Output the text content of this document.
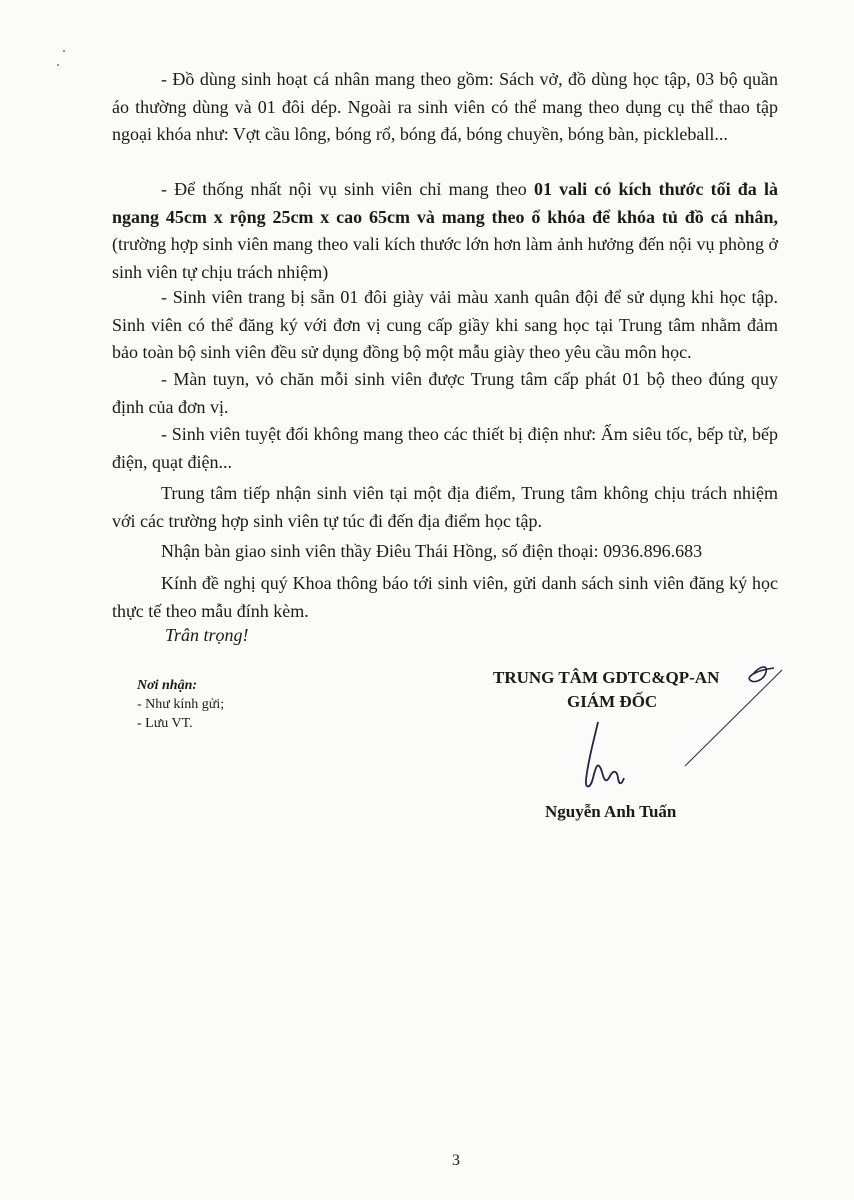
- Đồ dùng sinh hoạt cá nhân mang theo gồm: Sách vở, đồ dùng học tập, 03 bộ quần áo thường dùng và 01 đôi dép. Ngoài ra sinh viên có thể mang theo dụng cụ thể thao tập ngoại khóa như: Vợt cầu lông, bóng rổ, bóng đá, bóng chuyền, bóng bàn, pickleball...

- Để thống nhất nội vụ sinh viên chỉ mang theo 01 vali có kích thước tối đa là ngang 45cm x rộng 25cm x cao 65cm và mang theo ổ khóa để khóa tủ đồ cá nhân, (trường hợp sinh viên mang theo vali kích thước lớn hơn làm ảnh hưởng đến nội vụ phòng ở sinh viên tự chịu trách nhiệm)

- Sinh viên trang bị sẵn 01 đôi giày vải màu xanh quân đội để sử dụng khi học tập. Sinh viên có thể đăng ký với đơn vị cung cấp giầy khi sang học tại Trung tâm nhằm đảm bảo toàn bộ sinh viên đều sử dụng đồng bộ một mẫu giày theo yêu cầu môn học.

- Màn tuyn, vỏ chăn mỗi sinh viên được Trung tâm cấp phát 01 bộ theo đúng quy định của đơn vị.

- Sinh viên tuyệt đối không mang theo các thiết bị điện như: Ấm siêu tốc, bếp từ, bếp điện, quạt điện...

Trung tâm tiếp nhận sinh viên tại một địa điểm, Trung tâm không chịu trách nhiệm với các trường hợp sinh viên tự túc đi đến địa điểm học tập.

Nhận bàn giao sinh viên thầy Điêu Thái Hồng, số điện thoại: 0936.896.683

Kính đề nghị quý Khoa thông báo tới sinh viên, gửi danh sách sinh viên đăng ký học thực tế theo mẫu đính kèm.

Trân trọng!
Nơi nhận:
- Như kính gửi;
- Lưu VT.
TRUNG TÂM GDTC&QP-AN
GIÁM ĐỐC
Nguyễn Anh Tuấn
3
